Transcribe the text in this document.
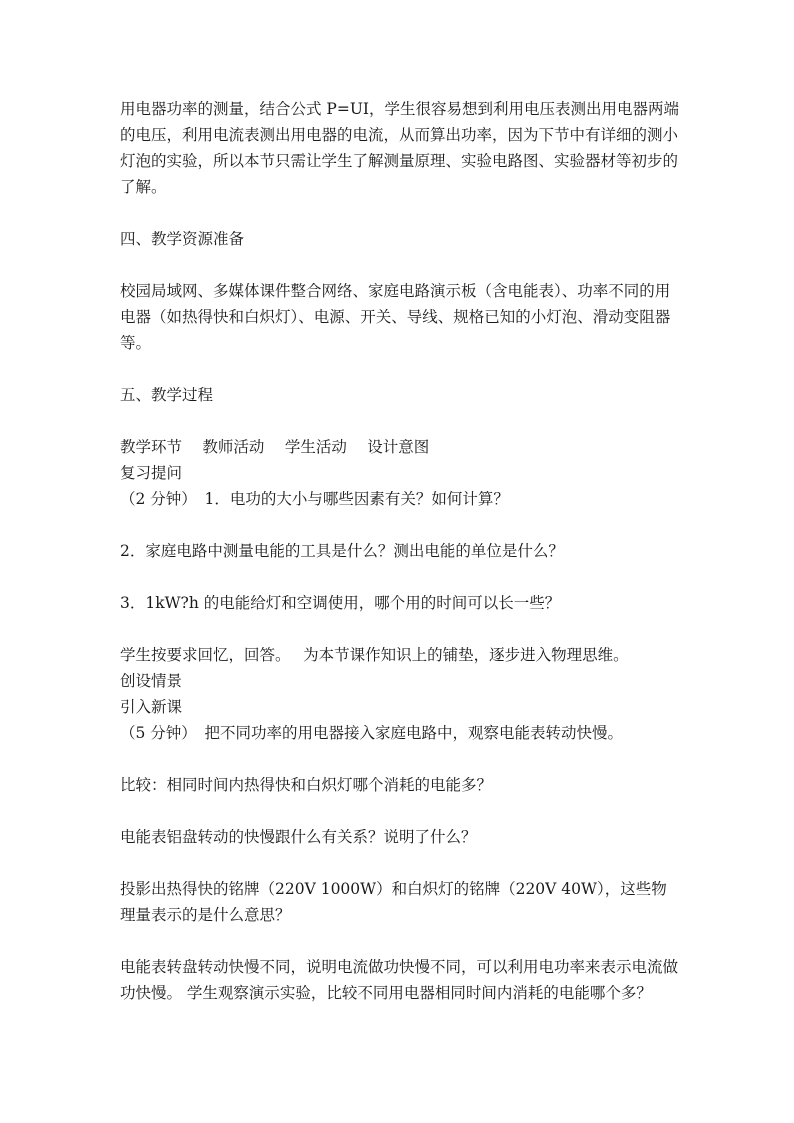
用电器功率的测量，结合公式 P=UI，学生很容易想到利用电压表测出用电器两端的电压，利用电流表测出用电器的电流，从而算出功率，因为下节中有详细的测小灯泡的实验，所以本节只需让学生了解测量原理、实验电路图、实验器材等初步的了解。

四、教学资源准备

校园局域网、多媒体课件整合网络、家庭电路演示板（含电能表）、功率不同的用电器（如热得快和白炽灯）、电源、开关、导线、规格已知的小灯泡、滑动变阻器等。

五、教学过程

教学环节　 教师活动　 学生活动　 设计意图

复习提问

（2 分钟）　1．电功的大小与哪些因素有关？如何计算？

2．家庭电路中测量电能的工具是什么？测出电能的单位是什么？

3．1kW?h 的电能给灯和空调使用，哪个用的时间可以长一些？

学生按要求回忆，回答。　 为本节课作知识上的铺垫，逐步进入物理思维。

创设情景

引入新课

（5 分钟）　把不同功率的用电器接入家庭电路中，观察电能表转动快慢。

比较：相同时间内热得快和白炽灯哪个消耗的电能多？

电能表铝盘转动的快慢跟什么有关系？说明了什么？

投影出热得快的铭牌（220V 1000W）和白炽灯的铭牌（220V 40W），这些物理量表示的是什么意思？

电能表转盘转动快慢不同，说明电流做功快慢不同，可以利用电功率来表示电流做功快慢。 学生观察演示实验，比较不同用电器相同时间内消耗的电能哪个多？
